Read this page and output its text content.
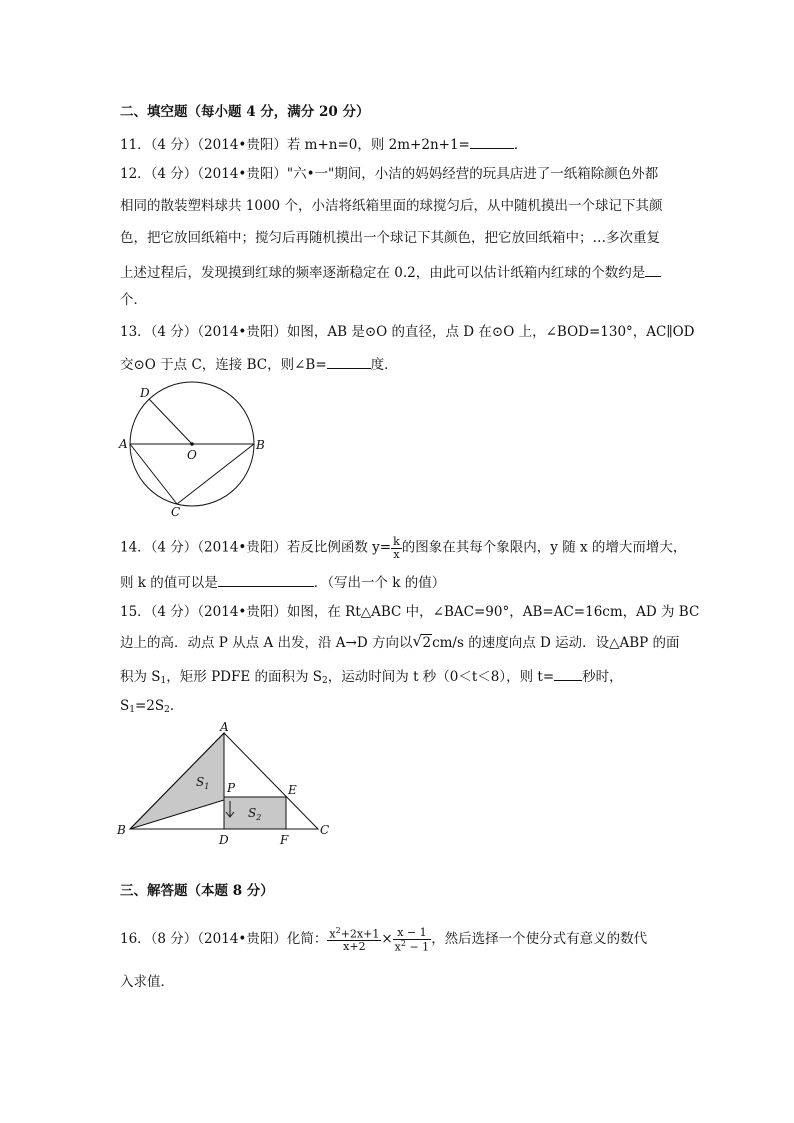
二、填空题（每小题 4 分，满分 20 分）
11．（4 分）（2014•贵阳）若 m+n=0，则 2m+2n+1=	．
12．（4 分）（2014•贵阳）"六•一"期间，小洁的妈妈经营的玩具店进了一纸箱除颜色外都
相同的散装塑料球共 1000 个，小洁将纸箱里面的球搅匀后，从中随机摸出一个球记下其颜
色，把它放回纸箱中；搅匀后再随机摸出一个球记下其颜色，把它放回纸箱中；…多次重复
上述过程后，发现摸到红球的频率逐渐稳定在 0.2，由此可以估计纸箱内红球的个数约是
个．
13．（4 分）（2014•贵阳）如图，AB 是⊙O 的直径，点 D 在⊙O 上，∠BOD=130°，AC∥OD
交⊙O 于点 C，连接 BC，则∠B=	度．
D
A	B
O
C
14．（4 分）（2014•贵阳）若反比例函数 $y= \frac{k}{x}$ 的图象在其每个象限内，y 随 x 的增大而增大，
则 k 的值可以是	．（写出一个 k 的值）
15．（4 分）（2014•贵阳）如图，在 Rt△ABC 中，∠BAC=90°，AB=AC=16cm，AD 为 BC
边上的高．动点 P 从点 A 出发，沿 A→D 方向以 √ 2cm/s 的速度向点 D 运动．设△ABP 的面
积为 $S_1$，矩形 PDFE 的面积为 $S_2$，运动时间为 t 秒（0＜t＜8），则 t= 秒时，
$S_1=2S_2$．
A
B	C
D
E
F
P
$S_1$
$S_2$
三、解答题（本题 8 分）
16．（8 分）（2014•贵阳）化简： $\frac{x^2+2x+1}{x+2} \times \frac{x - 1}{x^2 - 1}$ ，然后选择一个使分式有意义的数代
入求值．
